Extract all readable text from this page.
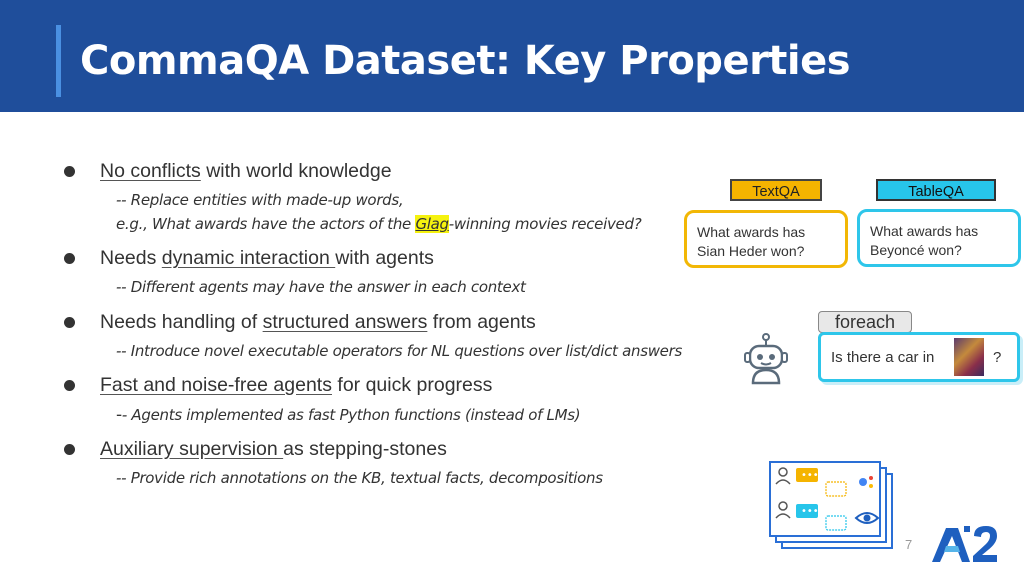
CommaQA Dataset: Key Properties
No conflicts with world knowledge
-- Replace entities with made-up words,
e.g., What awards have the actors of the Glag-winning movies received?
Needs dynamic interaction with agents
-- Different agents may have the answer in each context
Needs handling of structured answers from agents
-- Introduce novel executable operators for NL questions over list/dict answers
Fast and noise-free agents for quick progress
-- Agents implemented as fast Python functions (instead of LMs)
Auxiliary supervision as stepping-stones
-- Provide rich annotations on the KB, textual facts, decompositions
TextQA	TableQA
What awards has
Sian Heder won?
What awards has
Beyoncé won?
foreach
Is there a car in	?
•••
•••
7
